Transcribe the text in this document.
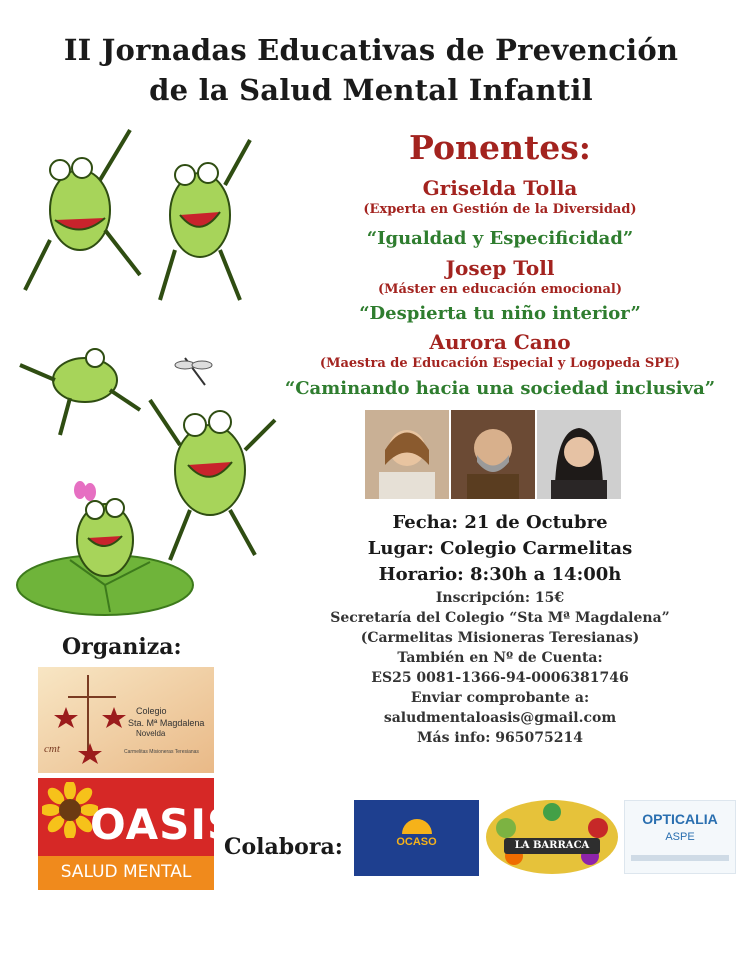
II Jornadas Educativas de Prevención
de la Salud Mental Infantil
Ponentes:
Griselda Tolla
(Experta en Gestión de la Diversidad)
“Igualdad y Especificidad”
Josep Toll
(Máster en educación emocional)
“Despierta tu niño interior”
Aurora Cano
(Maestra de Educación Especial y Logopeda SPE)
“Caminando hacia una sociedad inclusiva”
Fecha: 21 de Octubre
Lugar: Colegio Carmelitas
Horario: 8:30h a 14:00h
Inscripción: 15€
Secretaría del Colegio “Sta Mª Magdalena”
(Carmelitas Misioneras Teresianas)
También en Nº de Cuenta:
ES25 0081-1366-94-0006381746
Enviar comprobante a:
saludmentaloasis@gmail.com
Más info: 965075214
Organiza:
Colegio
Sta. Mª Magdalena
Novelda
cmt	Carmelitas Misioneras Teresianas
OASIS
SALUD MENTAL
Colabora:	OCASO	LA BARRACA
OPTICALIA
ASPE
